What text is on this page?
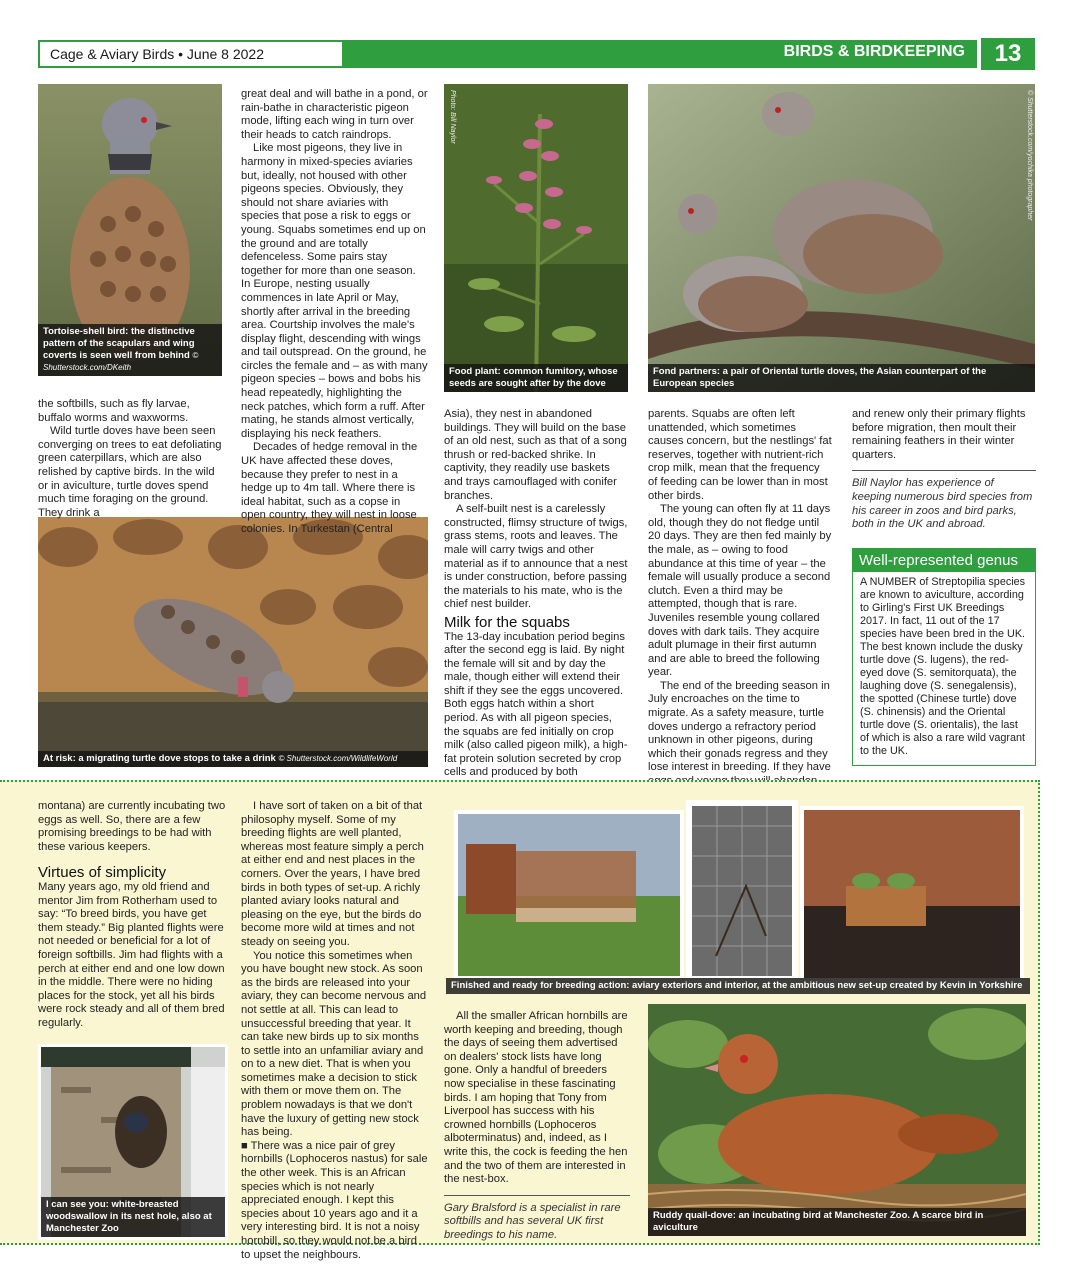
Cage & Aviary Birds • June 8 2022	BIRDS & BIRDKEEPING	13
Tortoise-shell bird: the distinctive pattern of the scapulars and wing coverts is seen well from behind © Shutterstock.com/DKeith
Photo: Bill Naylor
Food plant: common fumitory, whose seeds are sought after by the dove
© Shutterstock.com/yochika photographer
Fond partners: a pair of Oriental turtle doves, the Asian counterpart of the European species
At risk: a migrating turtle dove stops to take a drink © Shutterstock.com/WildlifeWorld

the softbills, such as fly larvae, buffalo worms and waxworms.

Wild turtle doves have been seen converging on trees to eat defoliating green caterpillars, which are also relished by captive birds. In the wild or in aviculture, turtle doves spend much time foraging on the ground. They drink a

great deal and will bathe in a pond, or rain-bathe in characteristic pigeon mode, lifting each wing in turn over their heads to catch raindrops.

Like most pigeons, they live in harmony in mixed-species aviaries but, ideally, not housed with other pigeons species. Obviously, they should not share aviaries with species that pose a risk to eggs or young. Squabs sometimes end up on the ground and are totally defenceless. Some pairs stay together for more than one season. In Europe, nesting usually commences in late April or May, shortly after arrival in the breeding area. Courtship involves the male's display flight, descending with wings and tail outspread. On the ground, he circles the female and – as with many pigeon species – bows and bobs his head repeatedly, highlighting the neck patches, which form a ruff. After mating, he stands almost vertically, displaying his neck feathers.

Decades of hedge removal in the UK have affected these doves, because they prefer to nest in a hedge up to 4m tall. Where there is ideal habitat, such as a copse in open country, they will nest in loose colonies. In Turkestan (Central

Asia), they nest in abandoned buildings. They will build on the base of an old nest, such as that of a song thrush or red-backed shrike. In captivity, they readily use baskets and trays camouflaged with conifer branches.

A self-built nest is a carelessly constructed, flimsy structure of twigs, grass stems, roots and leaves. The male will carry twigs and other material as if to announce that a nest is under construction, before passing the materials to his mate, who is the chief nest builder.

Milk for the squabs

The 13-day incubation period begins after the second egg is laid. By night the female will sit and by day the male, though either will extend their shift if they see the eggs uncovered. Both eggs hatch within a short period. As with all pigeon species, the squabs are fed initially on crop milk (also called pigeon milk), a high-fat protein solution secreted by crop cells and produced by both

parents. Squabs are often left unattended, which sometimes causes concern, but the nestlings' fat reserves, together with nutrient-rich crop milk, mean that the frequency of feeding can be lower than in most other birds.

The young can often fly at 11 days old, though they do not fledge until 20 days. They are then fed mainly by the male, as – owing to food abundance at this time of year – the female will usually produce a second clutch. Even a third may be attempted, though that is rare. Juveniles resemble young collared doves with dark tails. They acquire adult plumage in their first autumn and are able to breed the following year.

The end of the breeding season in July encroaches on the time to migrate. As a safety measure, turtle doves undergo a refractory period unknown in other pigeons, during which their gonads regress and they lose interest in breeding. If they have

and renew only their primary flights before migration, then moult their remaining feathers in their winter quarters.

Bill Naylor has experience of keeping numerous bird species from his career in zoos and bird parks, both in the UK and abroad.

Well-represented genus
A NUMBER of Streptopilia species are known to aviculture, according to Girling's First UK Breedings 2017. In fact, 11 out of the 17 species have been bred in the UK. The best known include the dusky turtle dove (S. lugens), the red-eyed dove (S. semitorquata), the laughing dove (S. senegalensis), the spotted (Chinese turtle) dove (S. chinensis) and the Oriental turtle dove (S. orientalis), the last of which is also a rare wild vagrant to the UK.

montana) are currently incubating two eggs as well. So, there are a few promising breedings to be had with these various keepers.

Virtues of simplicity

Many years ago, my old friend and mentor Jim from Rotherham used to say: “To breed birds, you have get them steady.” Big planted flights were not needed or beneficial for a lot of foreign softbills. Jim had flights with a perch at either end and one low down in the middle. There were no hiding places for the stock, yet all his birds were rock steady and all of them bred regularly.

I have sort of taken on a bit of that philosophy myself. Some of my breeding flights are well planted, whereas most feature simply a perch at either end and nest places in the corners. Over the years, I have bred birds in both types of set-up. A richly planted aviary looks natural and pleasing on the eye, but the birds do become more wild at times and not steady on seeing you.

You notice this sometimes when you have bought new stock. As soon as the birds are released into your aviary, they can become nervous and not settle at all. This can lead to unsuccessful breeding that year. It can take new birds up to six months to settle into an unfamiliar aviary and on to a new diet. That is when you sometimes make a decision to stick with them or move them on. The problem nowadays is that we don't have the luxury of getting new stock has being.

■ There was a nice pair of grey hornbills (Lophoceros nastus) for sale the other week. This is an African species which is not nearly appreciated enough. I kept this species about 10 years ago and it a very interesting bird. It is not a noisy hornbill, so they would not be a bird to upset the neighbours.

All the smaller African hornbills are worth keeping and breeding, though the days of seeing them advertised on dealers' stock lists have long gone. Only a handful of breeders now specialise in these fascinating birds. I am hoping that Tony from Liverpool has success with his crowned hornbills (Lophoceros alboterminatus) and, indeed, as I write this, the cock is feeding the hen and the two of them are interested in the nest-box.

Gary Bralsford is a specialist in rare softbills and has several UK first breedings to his name.

Finished and ready for breeding action: aviary exteriors and interior, at the ambitious new set-up created by Kevin in Yorkshire
I can see you: white-breasted woodswallow in its nest hole, also at Manchester Zoo
Ruddy quail-dove: an incubating bird at Manchester Zoo. A scarce bird in aviculture
